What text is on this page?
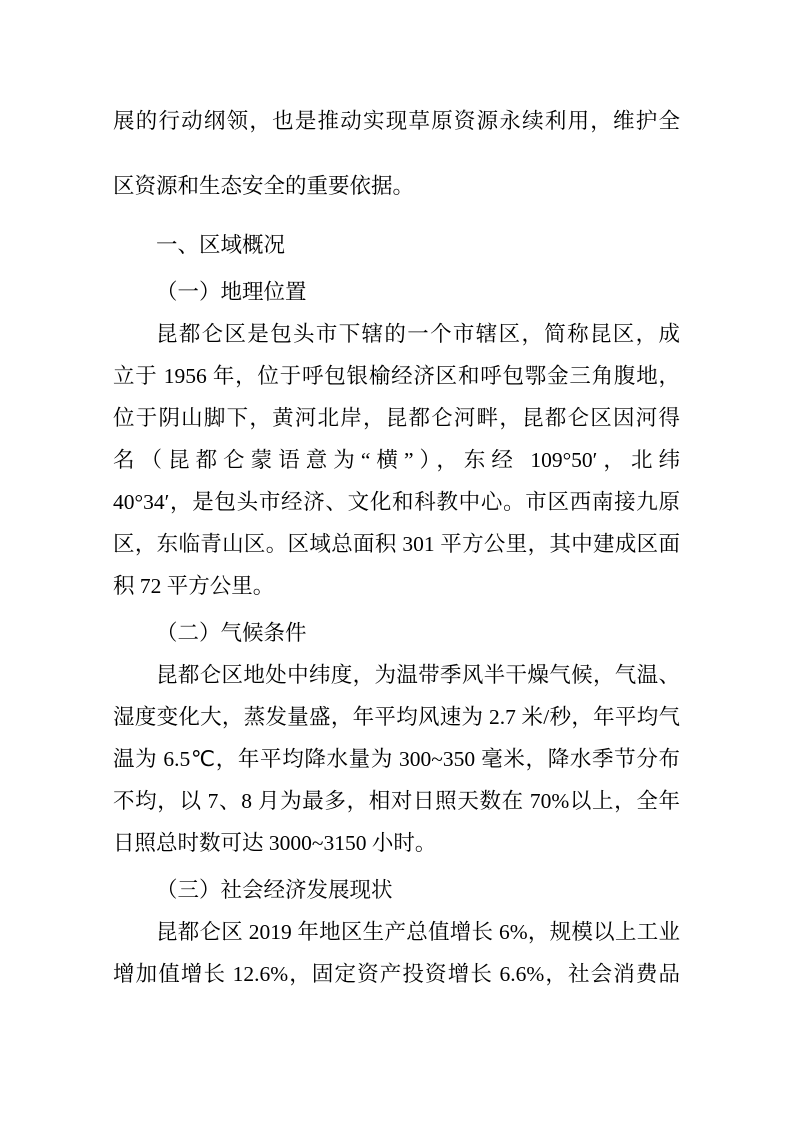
展的行动纲领，也是推动实现草原资源永续利用，维护全
区资源和生态安全的重要依据。
一、区域概况
（一）地理位置
昆都仑区是包头市下辖的一个市辖区，简称昆区，成
立于 1956 年，位于呼包银榆经济区和呼包鄂金三角腹地，
位于阴山脚下，黄河北岸，昆都仑河畔，昆都仑区因河得
名（昆都仑蒙语意为“横”），东经 109°50′，北纬
40°34′，是包头市经济、文化和科教中心。市区西南接九原
区，东临青山区。区域总面积 301 平方公里，其中建成区面
积 72 平方公里。
（二）气候条件
昆都仑区地处中纬度，为温带季风半干燥气候，气温、
湿度变化大，蒸发量盛，年平均风速为 2.7 米/秒，年平均气
温为 6.5℃，年平均降水量为 300~350 毫米，降水季节分布
不均，以 7、8 月为最多，相对日照天数在 70%以上，全年
日照总时数可达 3000~3150 小时。
（三）社会经济发展现状
昆都仑区 2019 年地区生产总值增长 6%，规模以上工业
增加值增长 12.6%，固定资产投资增长 6.6%，社会消费品
